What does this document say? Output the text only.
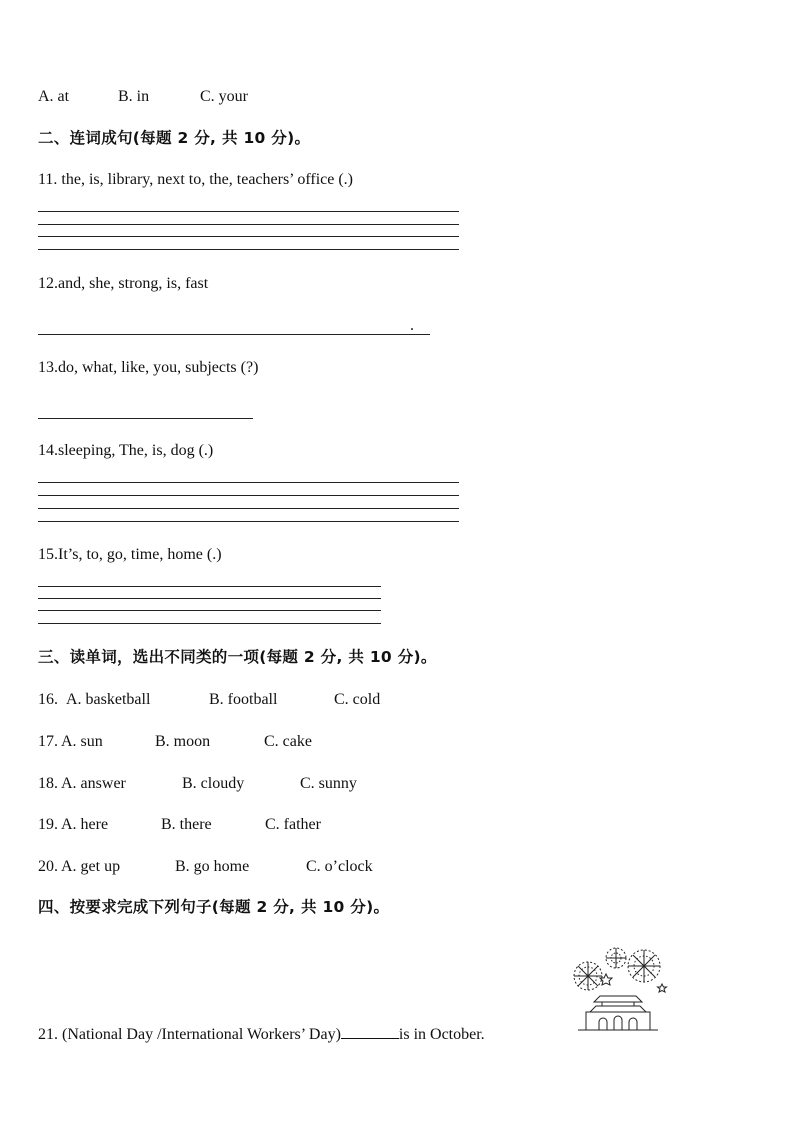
A. at	B. in	C. your
二、连词成句(每题 2 分, 共 10 分)。
11. the, is, library, next to, the, teachers’ office (.)
12.and, she, strong, is, fast
.
13.do, what, like, you, subjects (?)
14.sleeping, The, is, dog (.)
15.It’s, to, go, time, home (.)
三、读单词，选出不同类的一项(每题 2 分, 共 10 分)。
16. A. basketball	B. football	C. cold
17. A. sun	B. moon	C. cake
18. A. answer	B. cloudy	C. sunny
19. A. here	B. there	C. father
20. A. get up	B. go home	C. o’clock
四、按要求完成下列句子(每题 2 分, 共 10 分)。
21. (National Day /International Workers’ Day)	is in October.
